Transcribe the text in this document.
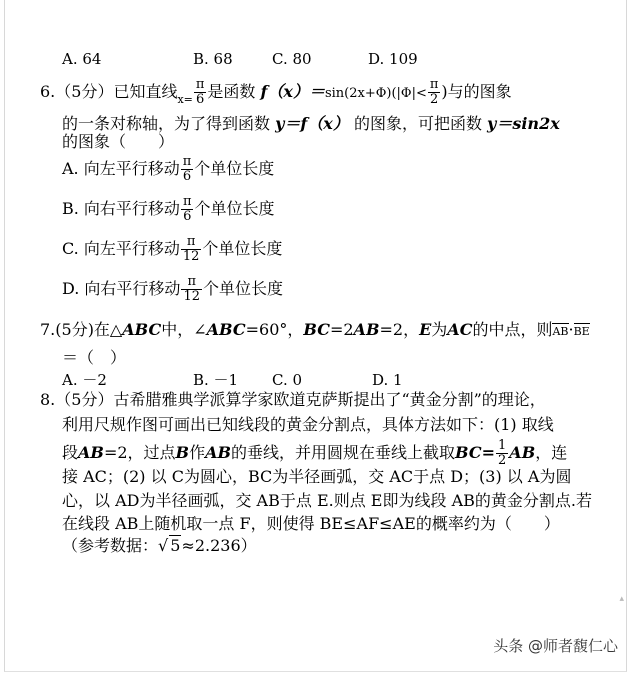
A. 64	B. 68	C. 80	D. 109
6.（5分）已知直线$_{x=} \frac{\pi}{6}$ 是函数 $f(x)=\sin(2x+\Phi)(|\Phi|< \frac{\pi}{2}$ )与的图象
的一条对称轴，为了得到函数 y＝f（x） 的图象，可把函数 y＝sin2x
的图象（　　）
A. 向左平行移动 $\frac{\pi}{6}$ 个单位长度
B. 向右平行移动 $\frac{\pi}{6}$ 个单位长度
C. 向左平行移动 $\frac{\pi}{12}$ 个单位长度
D. 向右平行移动 $\frac{\pi}{12}$ 个单位长度
7.(5分)在△ABC中，∠ABC=60°，BC=2AB=2，E为AC的中点，则AB·BE
＝（　）
A. －2	B. －1 C. 0	D. 1
8.（5分）古希腊雅典学派算学家欧道克萨斯提出了“黄金分割”的理论，
利用尺规作图可画出已知线段的黄金分割点，具体方法如下：(1) 取线
段AB=2，过点B作AB的垂线，并用圆规在垂线上截取$BC= \frac{1}{2}$ AB，连
接 AC；(2) 以 C为圆心，BC为半径画弧，交 AC于点 D；(3) 以 A为圆
心，以 AD为半径画弧，交 AB于点 E.则点 E即为线段 AB的黄金分割点.若
在线段 AB上随机取一点 F，则使得 BE≤AF≤AE的概率约为（　　）
（参考数据：√ 5≈2.236）
▴
头条 @师者馥仁心
